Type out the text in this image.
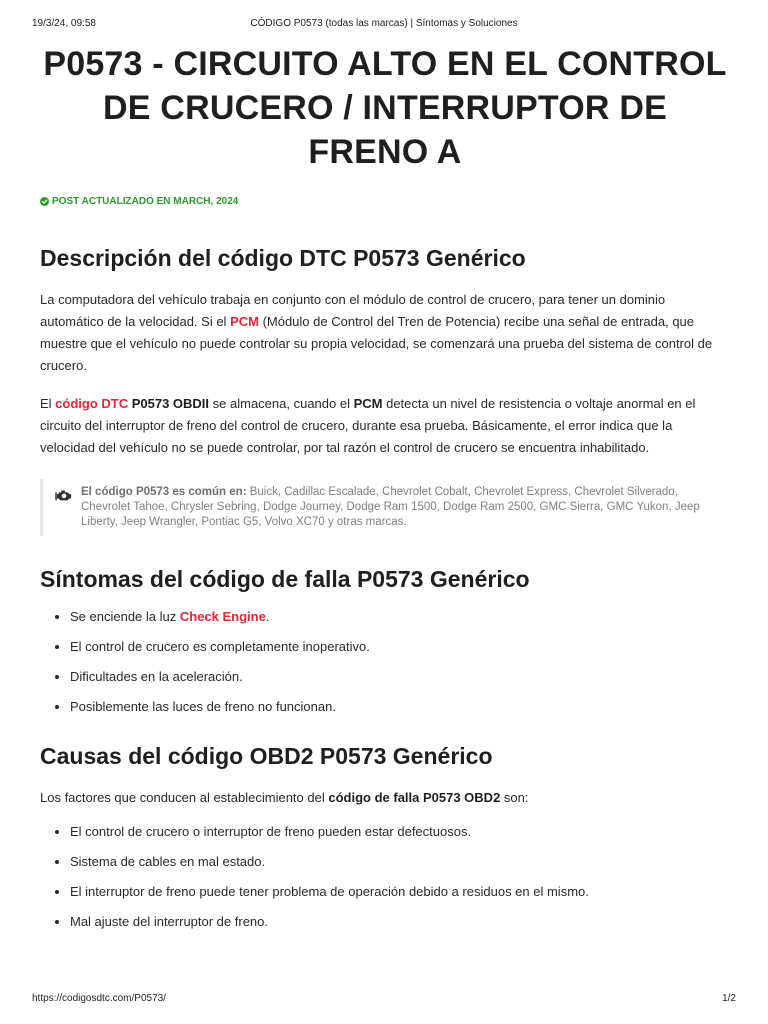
19/3/24, 09:58	CÓDIGO P0573 (todas las marcas) | Síntomas y Soluciones
P0573 - CIRCUITO ALTO EN EL CONTROL DE CRUCERO / INTERRUPTOR DE FRENO A
POST ACTUALIZADO EN MARCH, 2024
Descripción del código DTC P0573 Genérico

La computadora del vehículo trabaja en conjunto con el módulo de control de crucero, para tener un dominio automático de la velocidad. Si el PCM (Módulo de Control del Tren de Potencia) recibe una señal de entrada, que muestre que el vehículo no puede controlar su propia velocidad, se comenzará una prueba del sistema de control de crucero.

El código DTC P0573 OBDII se almacena, cuando el PCM detecta un nivel de resistencia o voltaje anormal en el circuito del interruptor de freno del control de crucero, durante esa prueba. Básicamente, el error indica que la velocidad del vehículo no se puede controlar, por tal razón el control de crucero se encuentra inhabilitado.

El código P0573 es común en: Buick, Cadillac Escalade, Chevrolet Cobalt, Chevrolet Express, Chevrolet Silverado, Chevrolet Tahoe, Chrysler Sebring, Dodge Journey, Dodge Ram 1500, Dodge Ram 2500, GMC Sierra, GMC Yukon, Jeep Liberty, Jeep Wrangler, Pontiac G5, Volvo XC70 y otras marcas.
Síntomas del código de falla P0573 Genérico
• Se enciende la luz Check Engine.
• El control de crucero es completamente inoperativo.
• Dificultades en la aceleración.
• Posiblemente las luces de freno no funcionan.
Causas del código OBD2 P0573 Genérico

Los factores que conducen al establecimiento del código de falla P0573 OBD2 son:

• El control de crucero o interruptor de freno pueden estar defectuosos.
• Sistema de cables en mal estado.
• El interruptor de freno puede tener problema de operación debido a residuos en el mismo.
• Mal ajuste del interruptor de freno.
https://codigosdtc.com/P0573/	1/2
